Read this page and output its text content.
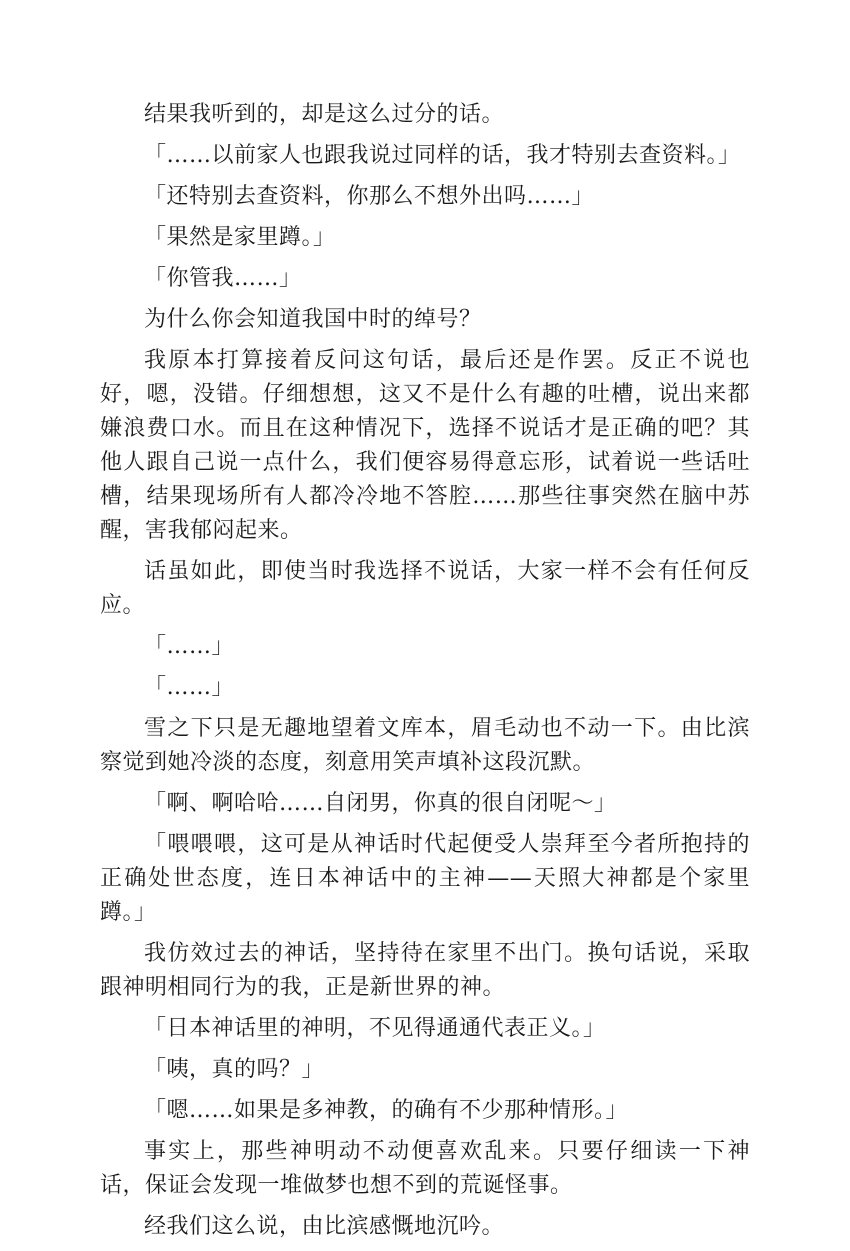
结果我听到的，却是这么过分的话。

「……以前家人也跟我说过同样的话，我才特别去查资料。」

「还特别去查资料，你那么不想外出吗……」

「果然是家里蹲。」

「你管我……」

为什么你会知道我国中时的绰号？

我原本打算接着反问这句话，最后还是作罢。反正不说也好，嗯，没错。仔细想想，这又不是什么有趣的吐槽，说出来都嫌浪费口水。而且在这种情况下，选择不说话才是正确的吧？其他人跟自己说一点什么，我们便容易得意忘形，试着说一些话吐槽，结果现场所有人都冷冷地不答腔……那些往事突然在脑中苏醒，害我郁闷起来。

话虽如此，即使当时我选择不说话，大家一样不会有任何反应。

「……」

「……」

雪之下只是无趣地望着文库本，眉毛动也不动一下。由比滨察觉到她冷淡的态度，刻意用笑声填补这段沉默。

「啊、啊哈哈……自闭男，你真的很自闭呢～」

「喂喂喂，这可是从神话时代起便受人崇拜至今者所抱持的正确处世态度，连日本神话中的主神——天照大神都是个家里蹲。」

我仿效过去的神话，坚持待在家里不出门。换句话说，采取跟神明相同行为的我，正是新世界的神。

「日本神话里的神明，不见得通通代表正义。」

「咦，真的吗？」

「嗯……如果是多神教，的确有不少那种情形。」

事实上，那些神明动不动便喜欢乱来。只要仔细读一下神话，保证会发现一堆做梦也想不到的荒诞怪事。

经我们这么说，由比滨感慨地沉吟。
